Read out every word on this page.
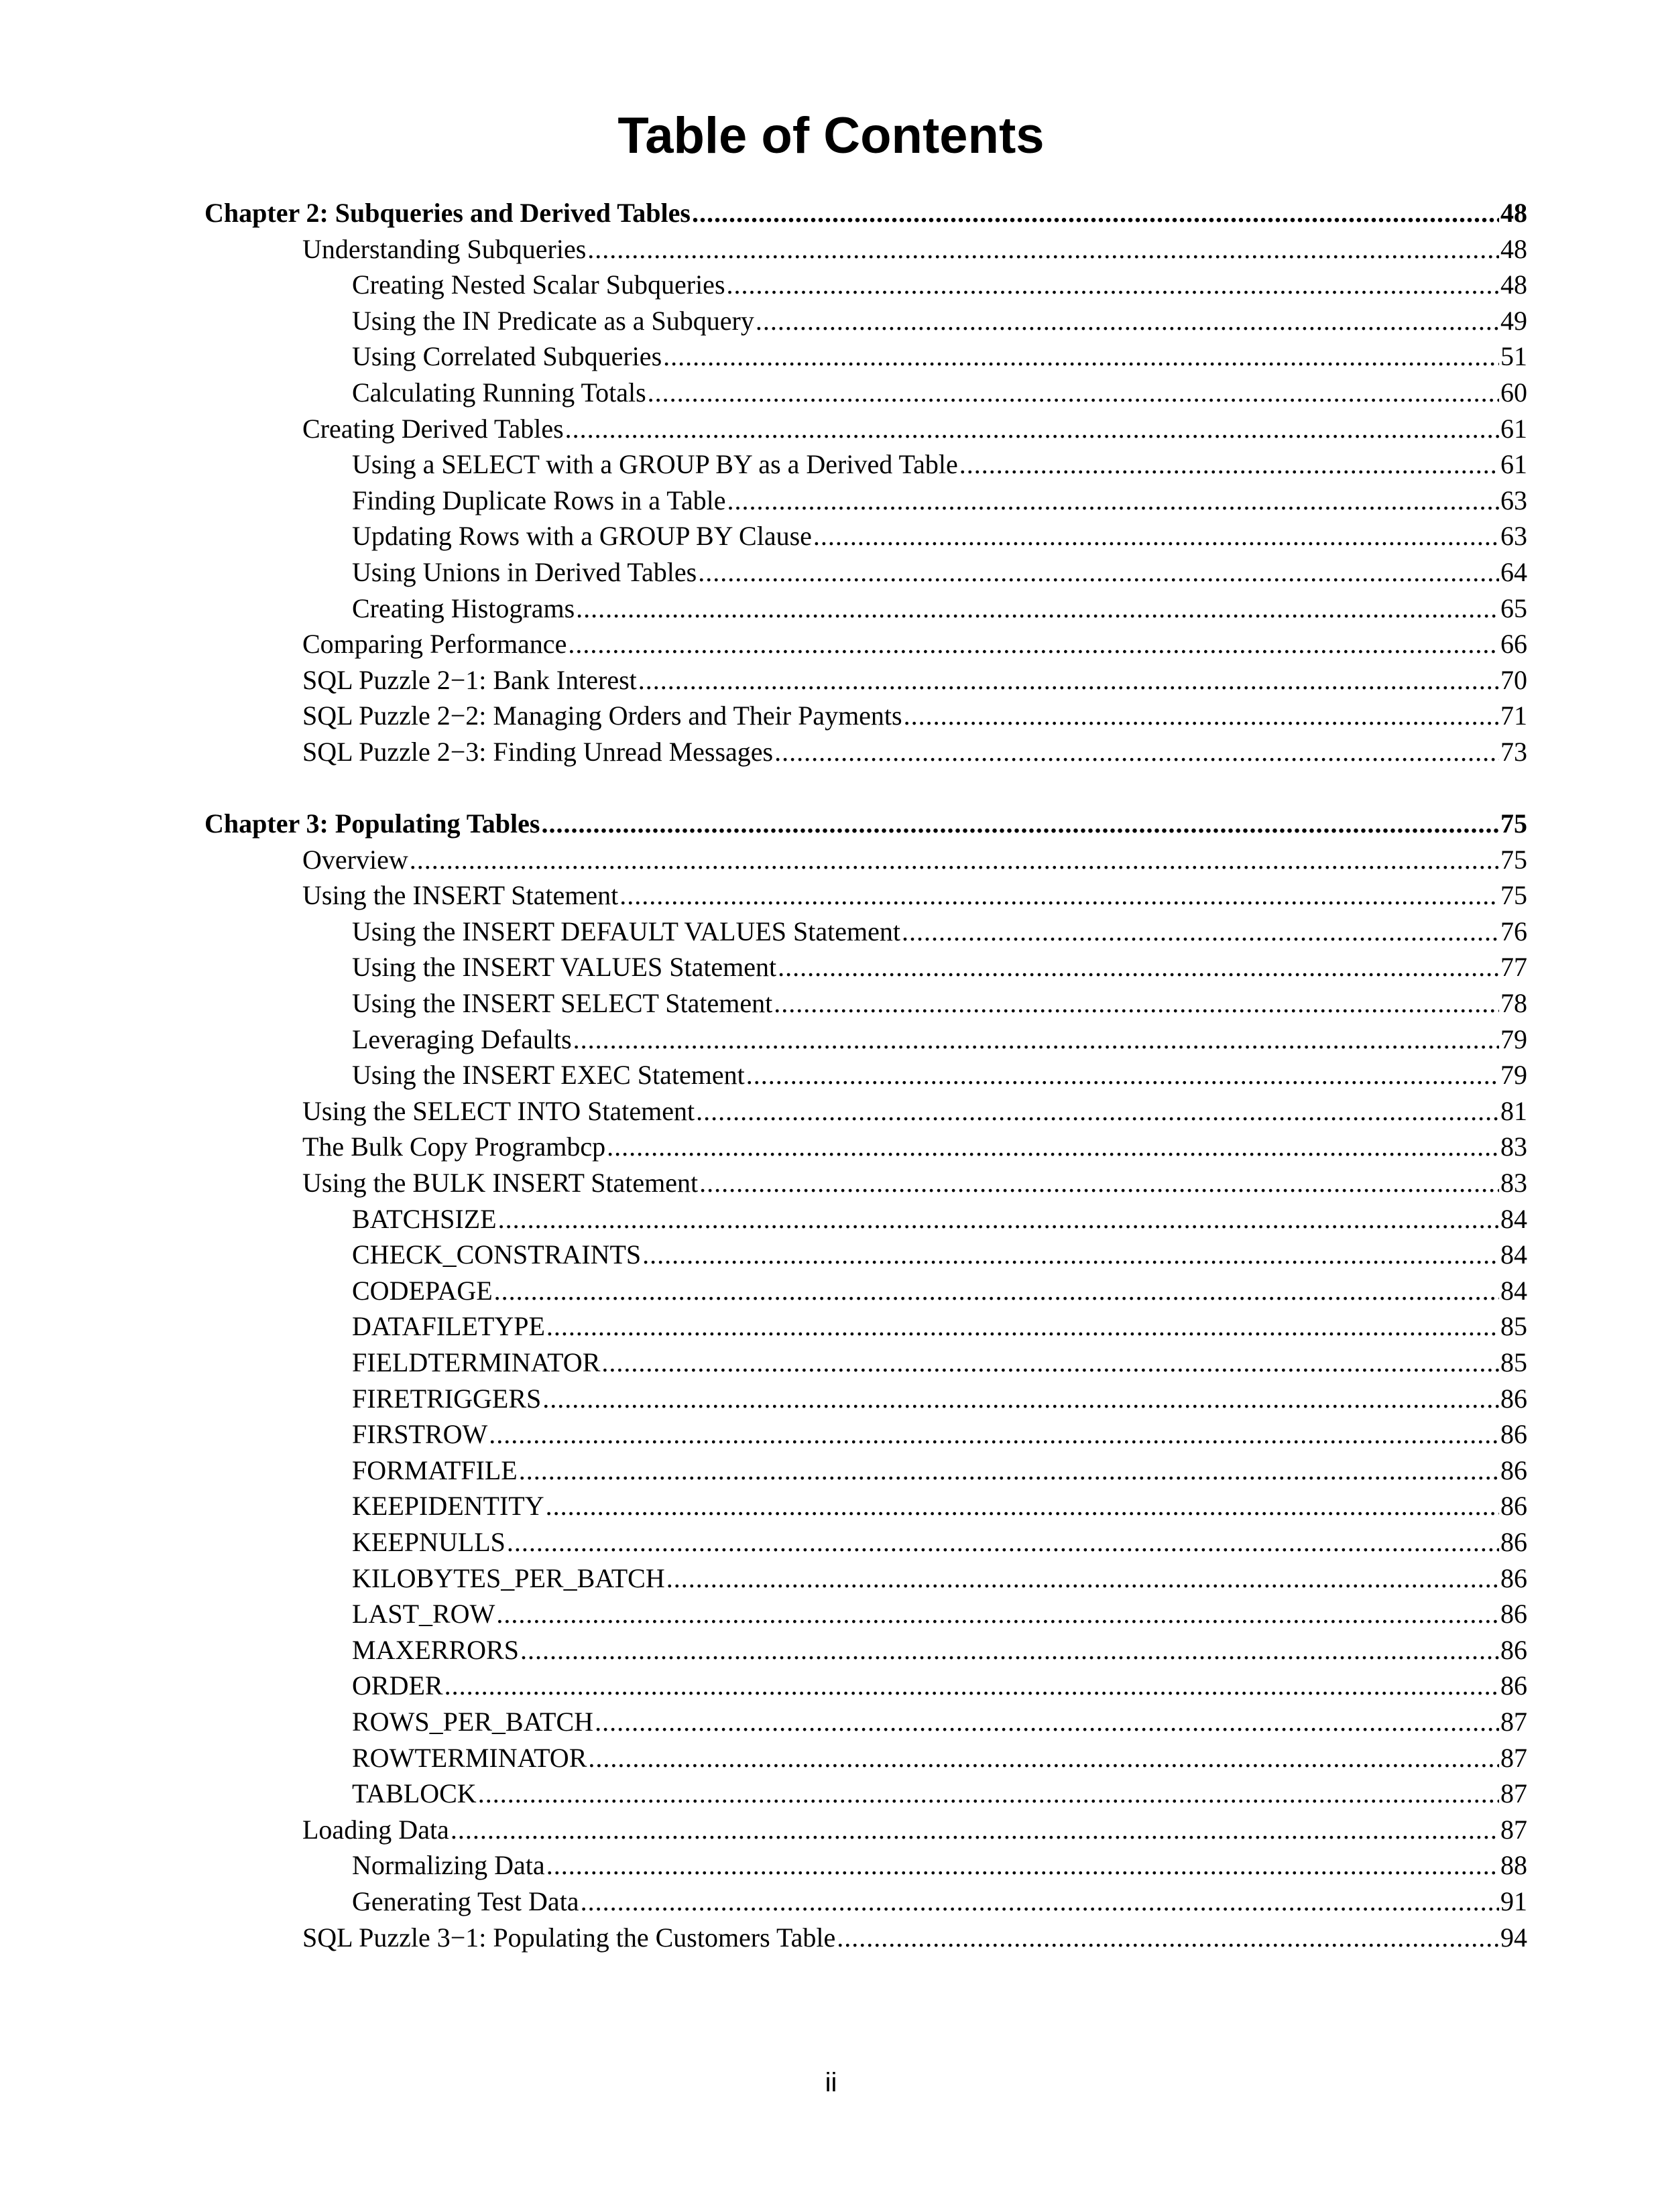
Table of Contents
Chapter 2: Subqueries and Derived Tables .....	48
Understanding Subqueries .....	48
Creating Nested Scalar Subqueries .....	48
Using the IN Predicate as a Subquery .....	49
Using Correlated Subqueries .....	51
Calculating Running Totals .....	60
Creating Derived Tables .....	61
Using a SELECT with a GROUP BY as a Derived Table .....	61
Finding Duplicate Rows in a Table .....	63
Updating Rows with a GROUP BY Clause .....	63
Using Unions in Derived Tables .....	64
Creating Histograms .....	65
Comparing Performance .....	66
SQL Puzzle 2−1: Bank Interest .....	70
SQL Puzzle 2−2: Managing Orders and Their Payments .....	71
SQL Puzzle 2−3: Finding Unread Messages .....	73
Chapter 3: Populating Tables .....	75
Overview .....	75
Using the INSERT Statement .....	75
Using the INSERT DEFAULT VALUES Statement .....	76
Using the INSERT VALUES Statement .....	77
Using the INSERT SELECT Statement .....	78
Leveraging Defaults .....	79
Using the INSERT EXEC Statement .....	79
Using the SELECT INTO Statement .....	81
The Bulk Copy Programbcp .....	83
Using the BULK INSERT Statement .....	83
BATCHSIZE .....	84
CHECK_CONSTRAINTS .....	84
CODEPAGE .....	84
DATAFILETYPE .....	85
FIELDTERMINATOR .....	85
FIRETRIGGERS .....	86
FIRSTROW .....	86
FORMATFILE .....	86
KEEPIDENTITY .....	86
KEEPNULLS .....	86
KILOBYTES_PER_BATCH .....	86
LAST_ROW .....	86
MAXERRORS .....	86
ORDER .....	86
ROWS_PER_BATCH .....	87
ROWTERMINATOR .....	87
TABLOCK .....	87
Loading Data .....	87
Normalizing Data .....	88
Generating Test Data .....	91
SQL Puzzle 3−1: Populating the Customers Table .....	94
ii
